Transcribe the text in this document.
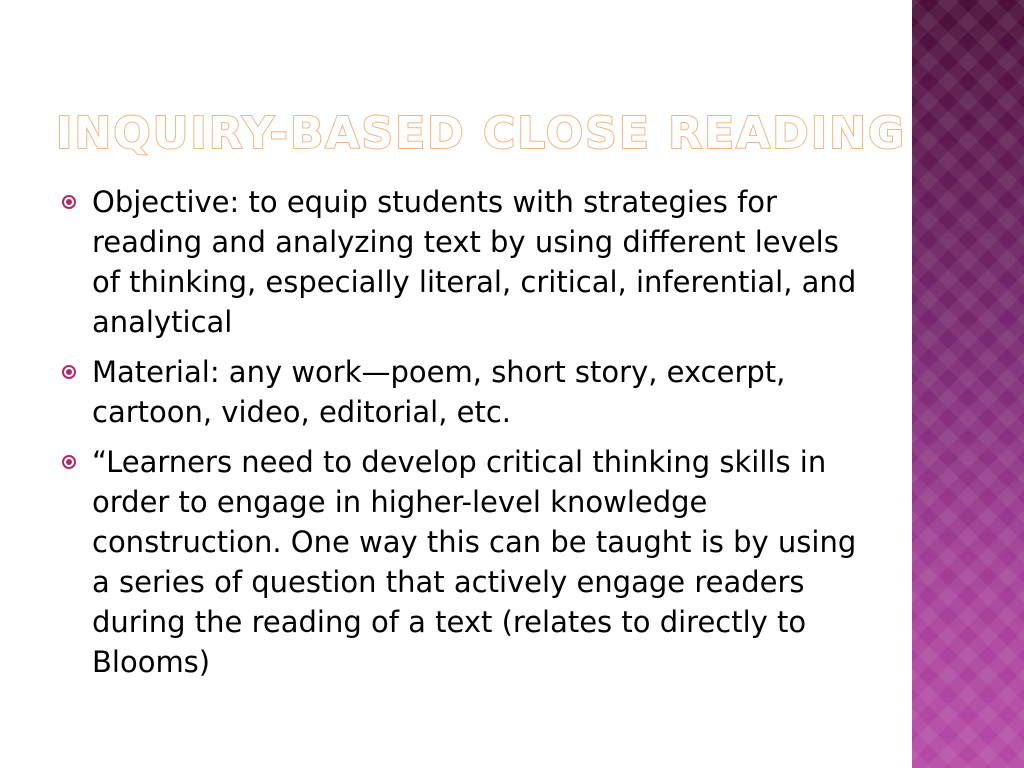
INQUIRY-BASED CLOSE READING
Objective: to equip students with strategies for reading and analyzing text by using different levels of thinking, especially literal, critical, inferential, and analytical
Material: any work—poem, short story, excerpt, cartoon, video, editorial, etc.
“Learners need to develop critical thinking skills in order to engage in higher-level knowledge construction. One way this can be taught is by using a series of question that actively engage readers during the reading of a text (relates to directly to Blooms)
